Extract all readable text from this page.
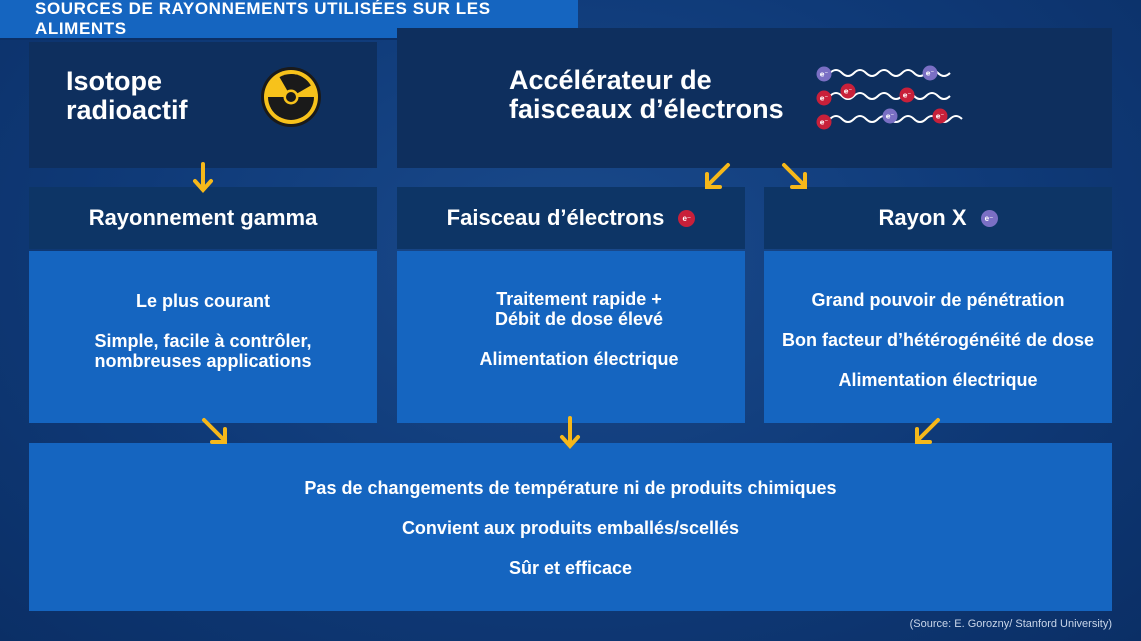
SOURCES DE RAYONNEMENTS UTILISÉES SUR LES ALIMENTS
Isotope
radioactif
Accélérateur de
faisceaux d’électrons
e⁻	e⁻
e⁻
e⁻	e⁻
e⁻
e⁻	e⁻
Rayonnement gamma	Faisceau d’électrons	e⁻	Rayon X	e⁻
Le plus courant
Simple, facile à contrôler,
nombreuses applications
Traitement rapide +
Débit de dose élevé
Alimentation électrique
Grand pouvoir de pénétration
Bon facteur d’hétérogénéité de dose
Alimentation électrique
Pas de changements de température ni de produits chimiques
Convient aux produits emballés/scellés
Sûr et efficace
(Source: E. Gorozny/ Stanford University)
